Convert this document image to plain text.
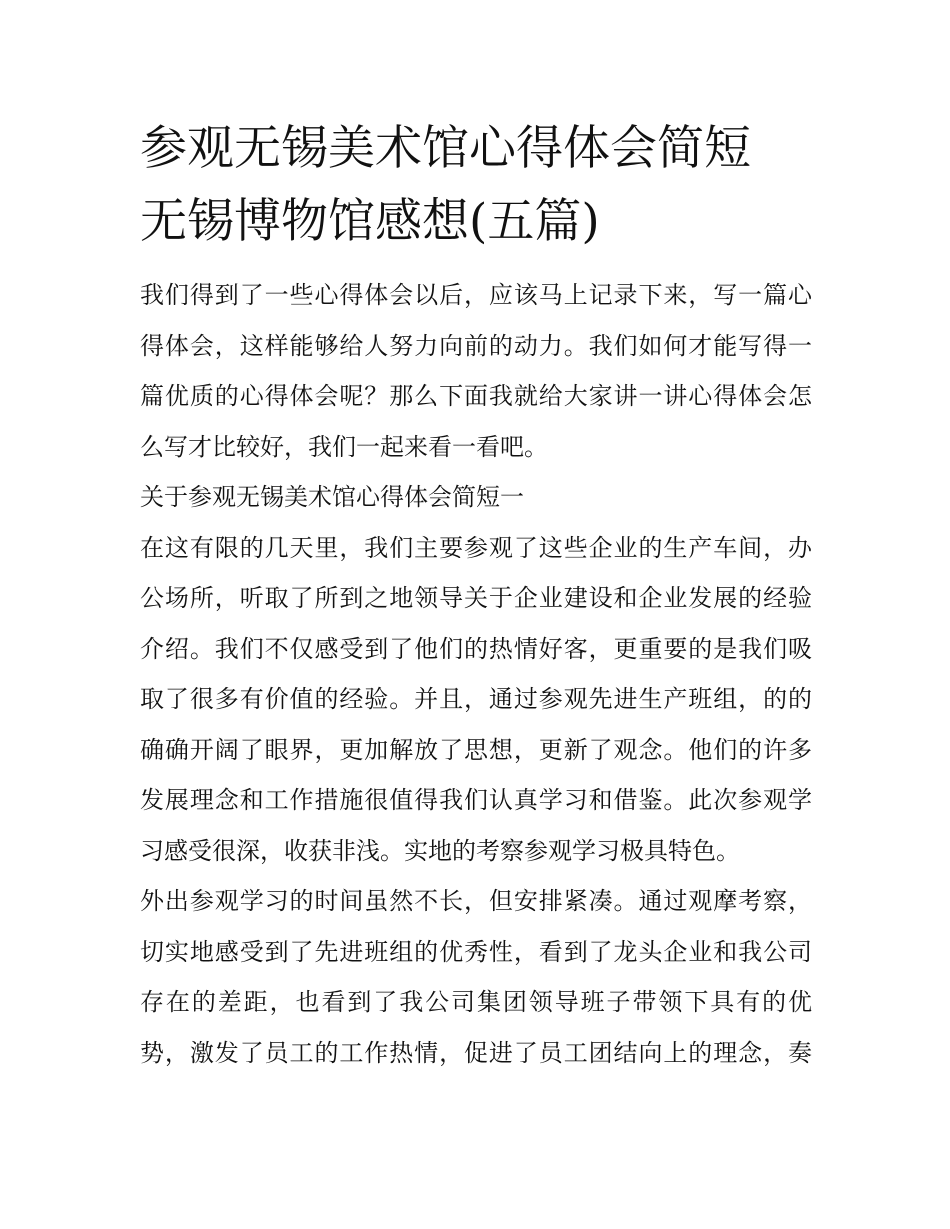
参观无锡美术馆心得体会简短
无锡博物馆感想(五篇)
我们得到了一些心得体会以后，应该马上记录下来，写一篇心
得体会，这样能够给人努力向前的动力。我们如何才能写得一
篇优质的心得体会呢？那么下面我就给大家讲一讲心得体会怎
么写才比较好，我们一起来看一看吧。
关于参观无锡美术馆心得体会简短一
在这有限的几天里，我们主要参观了这些企业的生产车间，办
公场所，听取了所到之地领导关于企业建设和企业发展的经验
介绍。我们不仅感受到了他们的热情好客，更重要的是我们吸
取了很多有价值的经验。并且，通过参观先进生产班组，的的
确确开阔了眼界，更加解放了思想，更新了观念。他们的许多
发展理念和工作措施很值得我们认真学习和借鉴。此次参观学
习感受很深，收获非浅。实地的考察参观学习极具特色。
外出参观学习的时间虽然不长，但安排紧凑。通过观摩考察，
切实地感受到了先进班组的优秀性，看到了龙头企业和我公司
存在的差距，也看到了我公司集团领导班子带领下具有的优
势，激发了员工的工作热情，促进了员工团结向上的理念，奏
